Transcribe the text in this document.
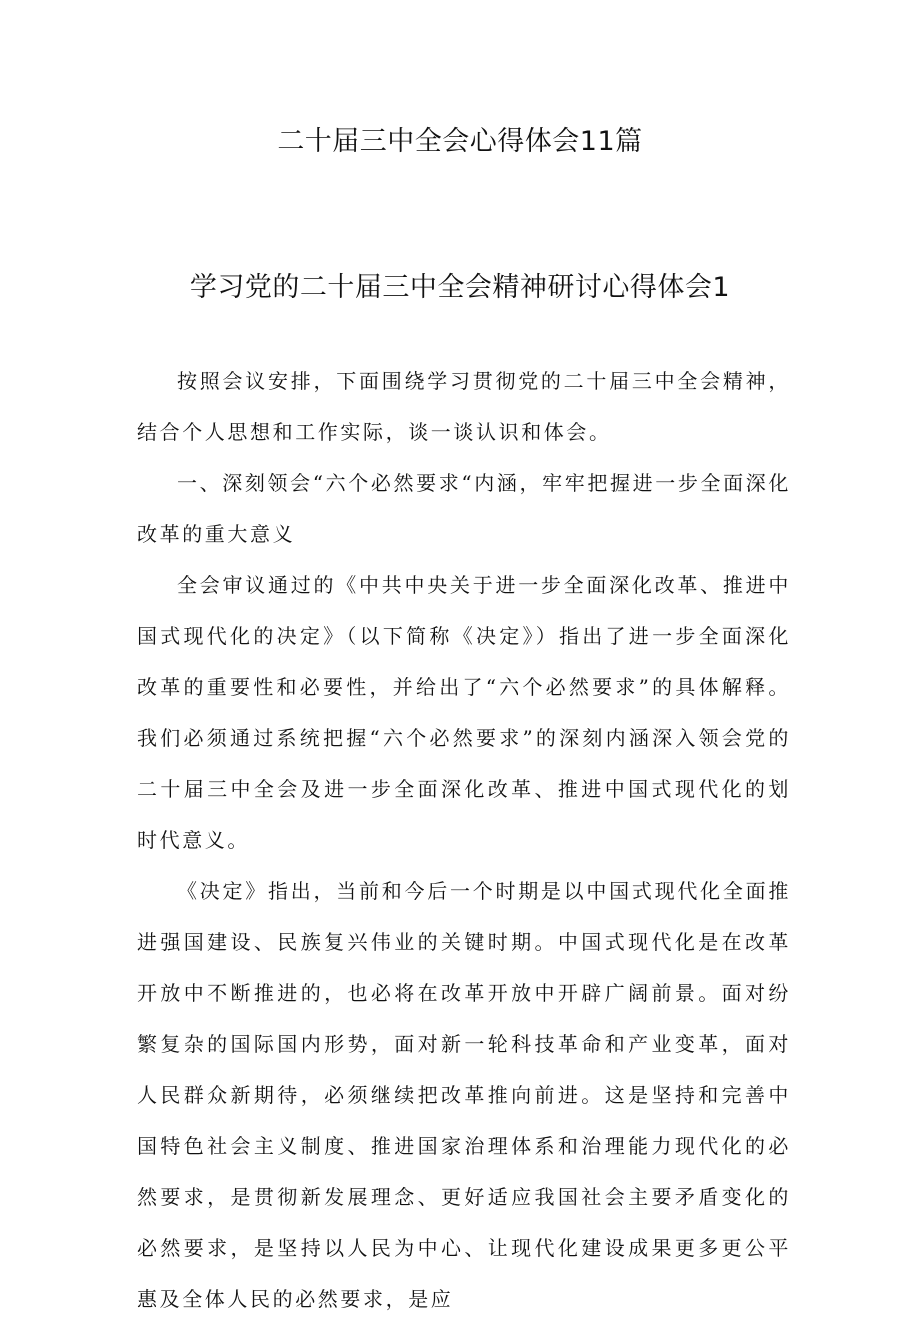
二十届三中全会心得体会11篇
学习党的二十届三中全会精神研讨心得体会1

按照会议安排，下面围绕学习贯彻党的二十届三中全会精神，结合个人思想和工作实际，谈一谈认识和体会。

一、深刻领会“六个必然要求“内涵，牢牢把握进一步全面深化改革的重大意义

全会审议通过的《中共中央关于进一步全面深化改革、推进中国式现代化的决定》（以下简称《决定》）指出了进一步全面深化改革的重要性和必要性，并给出了“六个必然要求”的具体解释。我们必须通过系统把握“六个必然要求”的深刻内涵深入领会党的二十届三中全会及进一步全面深化改革、推进中国式现代化的划时代意义。

《决定》指出，当前和今后一个时期是以中国式现代化全面推进强国建设、民族复兴伟业的关键时期。中国式现代化是在改革开放中不断推进的，也必将在改革开放中开辟广阔前景。面对纷繁复杂的国际国内形势，面对新一轮科技革命和产业变革，面对人民群众新期待，必须继续把改革推向前进。这是坚持和完善中国特色社会主义制度、推进国家治理体系和治理能力现代化的必然要求，是贯彻新发展理念、更好适应我国社会主要矛盾变化的必然要求，是坚持以人民为中心、让现代化建设成果更多更公平惠及全体人民的必然要求，是应
